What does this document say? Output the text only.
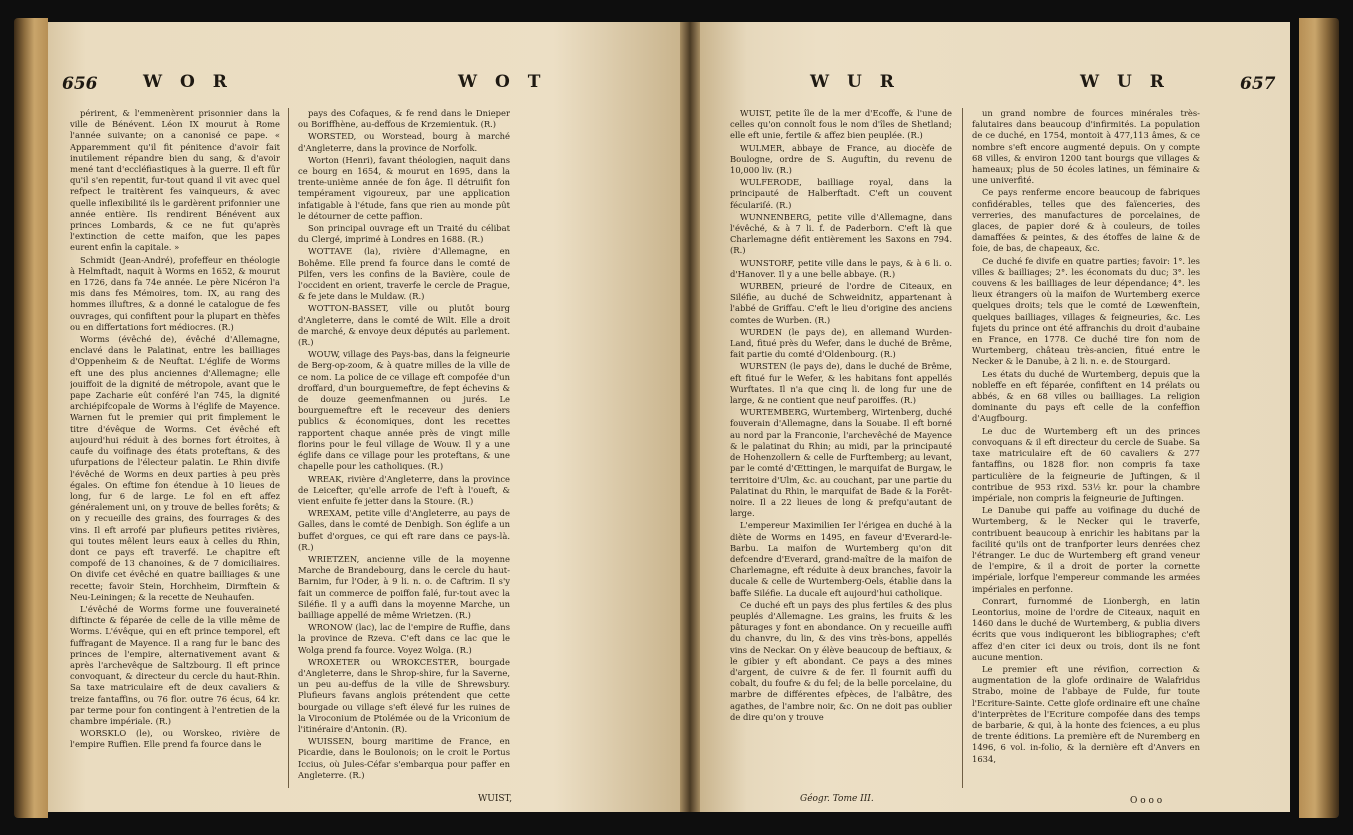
656	W O R	W O T

périrent, & l'emmenèrent prisonnier dans la ville de Bénévent. Léon IX mourut à Rome l'année suivante; on a canonisé ce pape. « Apparemment qu'il fit pénitence d'avoir fait inutilement répandre bien du sang, & d'avoir mené tant d'eccléfiastiques à la guerre. Il eft fûr qu'il s'en repentit, fur-tout quand il vit avec quel refpect le traitèrent fes vainqueurs, & avec quelle inflexibilité ils le gardèrent prifonnier une année entière. Ils rendirent Bénévent aux princes Lombards, & ce ne fut qu'après l'extinction de cette maifon, que les papes eurent enfin la capitale. »

Schmidt (Jean-André), profeffeur en théologie à Helmftadt, naquit à Worms en 1652, & mourut en 1726, dans fa 74e année. Le père Nicéron l'a mis dans fes Mémoires, tom. IX, au rang des hommes illuftres, & a donné le catalogue de fes ouvrages, qui confiftent pour la plupart en thèfes ou en differtations fort médiocres. (R.)

Worms (évêché de), évêché d'Allemagne, enclavé dans le Palatinat, entre les bailliages d'Oppenheim & de Neuftat. L'églife de Worms eft une des plus anciennes d'Allemagne; elle jouiffoit de la dignité de métropole, avant que le pape Zacharie eût conféré l'an 745, la dignité archiépifcopale de Worms à l'églife de Mayence. Warnen fut le premier qui prit fimplement le titre d'évêque de Worms. Cet évêché eft aujourd'hui réduit à des bornes fort étroites, à caufe du voifinage des états proteftans, & des ufurpations de l'électeur palatin. Le Rhin divife l'évêché de Worms en deux parties à peu près égales. On eftime fon étendue à 10 lieues de long, fur 6 de large. Le fol en eft affez généralement uni, on y trouve de belles forêts; & on y recueille des grains, des fourrages & des vins. Il eft arrofé par plufieurs petites rivières, qui toutes mêlent leurs eaux à celles du Rhin, dont ce pays eft traverfé. Le chapitre eft compofé de 13 chanoines, & de 7 domiciliaires. On divife cet évêché en quatre bailliages & une recette; favoir Stein, Horchheim, Dirmftein & Neu-Leiningen; & la recette de Neuhaufen.

L'évêché de Worms forme une fouveraineté diftincte & féparée de celle de la ville même de Worms. L'évêque, qui en eft prince temporel, eft fuffragant de Mayence. Il a rang fur le banc des princes de l'empire, alternativement avant & après l'archevêque de Saltzbourg. Il eft prince convoquant, & directeur du cercle du haut-Rhin. Sa taxe matriculaire eft de deux cavaliers & treize fantaffins, ou 76 flor. outre 76 écus, 64 kr. par terme pour fon contingent à l'entretien de la chambre impériale. (R.)

WORSKLO (le), ou Worskeo, rivière de l'empire Ruffien. Elle prend fa fource dans le

pays des Cofaques, & fe rend dans le Dnieper ou Boriffhène, au-deffous de Krzemientuk. (R.)

WORSTED, ou Worstead, bourg à marché d'Angleterre, dans la province de Norfolk.

Worton (Henri), favant théologien, naquit dans ce bourg en 1654, & mourut en 1695, dans la trente-unième année de fon âge. Il détruifit fon tempérament vigoureux, par une application infatigable à l'étude, fans que rien au monde pût le détourner de cette paffion.

Son principal ouvrage eft un Traité du célibat du Clergé, imprimé à Londres en 1688. (R.)

WOTTAVE (la), rivière d'Allemagne, en Bohême. Elle prend fa fource dans le comté de Pilfen, vers les confins de la Bavière, coule de l'occident en orient, traverfe le cercle de Prague, & fe jete dans le Muldaw. (R.)

WOTTON-BASSET, ville ou plutôt bourg d'Angleterre, dans le comté de Wilt. Elle a droit de marché, & envoye deux députés au parlement. (R.)

WOUW, village des Pays-bas, dans la feigneurie de Berg-op-zoom, & à quatre milles de la ville de ce nom. La police de ce village eft compofée d'un droffard, d'un bourguemeftre, de fept échevins & de douze geemenfmannen ou jurés. Le bourguemeftre eft le receveur des deniers publics & économiques, dont les recettes rapportent chaque année près de vingt mille florins pour le feul village de Wouw. Il y a une églife dans ce village pour les proteftans, & une chapelle pour les catholiques. (R.)

WREAK, rivière d'Angleterre, dans la province de Leicefter, qu'elle arrofe de l'eft à l'oueft, & vient enfuite fe jetter dans la Stoure. (R.)

WREXAM, petite ville d'Angleterre, au pays de Galles, dans le comté de Denbigh. Son églife a un buffet d'orgues, ce qui eft rare dans ce pays-là. (R.)

WRIETZEN, ancienne ville de la moyenne Marche de Brandebourg, dans le cercle du haut-Barnim, fur l'Oder, à 9 li. n. o. de Caftrim. Il s'y fait un commerce de poiffon falé, fur-tout avec la Siléfie. Il y a auffi dans la moyenne Marche, un bailliage appellé de même Wrietzen. (R.)

WRONOW (lac), lac de l'empire de Ruffie, dans la province de Rzeva. C'eft dans ce lac que le Wolga prend fa fource. Voyez Wolga. (R.)

WROXETER ou WROKCESTER, bourgade d'Angleterre, dans le Shrop-shire, fur la Saverne, un peu au-deffus de la ville de Shrewsbury. Plufieurs favans anglois prétendent que cette bourgade ou village s'eft élevé fur les ruines de la Viroconium de Ptolémée ou de la Vriconium de l'itinéraire d'Antonin. (R).

WUISSEN, bourg maritime de France, en Picardie, dans le Boulonois; on le croit le Portus Iccius, où Jules-Céfar s'embarqua pour paffer en Angleterre. (R.)

WUIST,
W U R	W U R	657

WUIST, petite île de la mer d'Ecoffe, & l'une de celles qu'on connoît fous le nom d'îles de Shetland; elle eft unie, fertile & affez bien peuplée. (R.)

WULMER, abbaye de France, au diocèfe de Boulogne, ordre de S. Auguftin, du revenu de 10,000 liv. (R.)

WULFERODE, bailliage royal, dans la principauté de Halberftadt. C'eft un couvent féculariſé. (R.)

WUNNENBERG, petite ville d'Allemagne, dans l'évêché, & à 7 li. f. de Paderborn. C'eft là que Charlemagne défit entièrement les Saxons en 794. (R.)

WUNSTORF, petite ville dans le pays, & à 6 li. o. d'Hanover. Il y a une belle abbaye. (R.)

WURBEN, prieuré de l'ordre de Citeaux, en Siléfie, au duché de Schweidnitz, appartenant à l'abbé de Griffau. C'eft le lieu d'origine des anciens comtes de Wurben. (R.)

WURDEN (le pays de), en allemand Wurden-Land, fitué près du Wefer, dans le duché de Brême, fait partie du comté d'Oldenbourg. (R.)

WURSTEN (le pays de), dans le duché de Brême, eft fitué fur le Wefer, & les habitans font appellés Wurftates. Il n'a que cinq li. de long fur une de large, & ne contient que neuf paroiffes. (R.)

WURTEMBERG, Wurtemberg, Wirtenberg, duché fouverain d'Allemagne, dans la Souabe. Il eft borné au nord par la Franconie, l'archevêché de Mayence & le palatinat du Rhin; au midi, par la principauté de Hohenzollern & celle de Furftemberg; au levant, par le comté d'Œttingen, le marquifat de Burgaw, le territoire d'Ulm, &c. au couchant, par une partie du Palatinat du Rhin, le marquifat de Bade & la Forêt-noire. Il a 22 lieues de long & prefqu'autant de large.

L'empereur Maximilien Ier l'érigea en duché à la diète de Worms en 1495, en faveur d'Everard-le-Barbu. La maifon de Wurtemberg qu'on dit defcendre d'Everard, grand-maître de la maifon de Charlemagne, eft réduite à deux branches, favoir la ducale & celle de Wurtemberg-Oels, établie dans la baffe Siléfie. La ducale eft aujourd'hui catholique.

Ce duché eft un pays des plus fertiles & des plus peuplés d'Allemagne. Les grains, les fruits & les pâturages y font en abondance. On y recueille auffi du chanvre, du lin, & des vins très-bons, appellés vins de Neckar. On y élève beaucoup de beftiaux, & le gibier y eft abondant. Ce pays a des mines d'argent, de cuivre & de fer. Il fournit auffi du cobalt, du foufre & du fel; de la belle porcelaine, du marbre de différentes efpèces, de l'albâtre, des agathes, de l'ambre noir, &c. On ne doit pas oublier de dire qu'on y trouve

un grand nombre de fources minérales très-falutaires dans beaucoup d'infirmités. La population de ce duché, en 1754, montoit à 477,113 âmes, & ce nombre s'eft encore augmenté depuis. On y compte 68 villes, & environ 1200 tant bourgs que villages & hameaux; plus de 50 écoles latines, un féminaire & une univerfité.

Ce pays renferme encore beaucoup de fabriques confidérables, telles que des faïenceries, des verreries, des manufactures de porcelaines, de glaces, de papier doré & à couleurs, de toiles damaffées & peintes, & des étoffes de laine & de foie, de bas, de chapeaux, &c.

Ce duché fe divife en quatre parties; favoir: 1°. les villes & bailliages; 2°. les économats du duc; 3°. les couvens & les bailliages de leur dépendance; 4°. les lieux étrangers où la maifon de Wurtemberg exerce quelques droits; tels que le comté de Lœwenftein, quelques bailliages, villages & feigneuries, &c. Les fujets du prince ont été affranchis du droit d'aubaine en France, en 1778. Ce duché tire fon nom de Wurtemberg, château très-ancien, fitué entre le Necker & le Danube, à 2 li. n. e. de Stourgard.

Les états du duché de Wurtemberg, depuis que la nobleffe en eft féparée, confiftent en 14 prélats ou abbés, & en 68 villes ou bailliages. La religion dominante du pays eft celle de la confeffion d'Augfbourg.

Le duc de Wurtemberg eft un des princes convoquans & il eft directeur du cercle de Suabe. Sa taxe matriculaire eft de 60 cavaliers & 277 fantaffins, ou 1828 flor. non compris fa taxe particulière de la feigneurie de Juftingen, & il contribue de 953 rixd. 53½ kr. pour la chambre impériale, non compris la feigneurie de Juftingen.

Le Danube qui paffe au voifinage du duché de Wurtemberg, & le Necker qui le traverfe, contribuent beaucoup à enrichir les habitans par la facilité qu'ils ont de tranfporter leurs denrées chez l'étranger. Le duc de Wurtemberg eft grand veneur de l'empire, & il a droit de porter la cornette impériale, lorfque l'empereur commande les armées impériales en perfonne.

Conrart, furnommé de Lionbergh, en latin Leontorius, moine de l'ordre de Citeaux, naquit en 1460 dans le duché de Wurtemberg, & publia divers écrits que vous indiqueront les bibliographes; c'eft affez d'en citer ici deux ou trois, dont ils ne font aucune mention.

Le premier eft une révifion, correction & augmentation de la glofe ordinaire de Walafridus Strabo, moine de l'abbaye de Fulde, fur toute l'Ecriture-Sainte. Cette glofe ordinaire eft une chaîne d'interprètes de l'Ecriture compofée dans des temps de barbarie, & qui, à la honte des fciences, a eu plus de trente éditions. La première eft de Nuremberg en 1496, 6 vol. in-folio, & la dernière eft d'Anvers en 1634,

Géogr. Tome III.	O o o o
